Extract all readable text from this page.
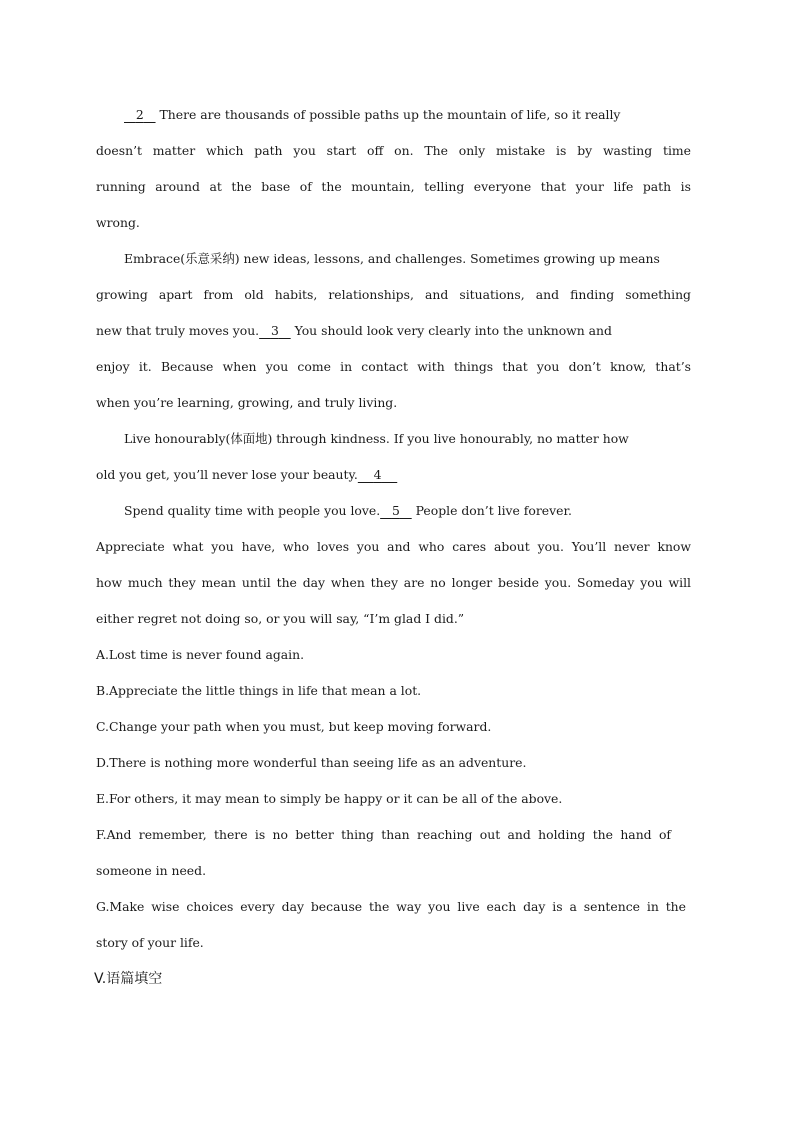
2 There are thousands of possible paths up the mountain of life, so it really
doesn’t matter which path you start off on. The only mistake is by wasting time
running around at the base of the mountain, telling everyone that your life path is
wrong.
Embrace(乐意采纳) new ideas, lessons, and challenges. Sometimes growing up means
growing apart from old habits, relationships, and situations, and finding something
new that truly moves you. 3 You should look very clearly into the unknown and
enjoy it. Because when you come in contact with things that you don’t know, that’s
when you’re learning, growing, and truly living.
Live honourably(体面地) through kindness. If you live honourably, no matter how
old you get, you’ll never lose your beauty. 4
Spend quality time with people you love. 5 People don’t live forever.
Appreciate what you have, who loves you and who cares about you. You’ll never know
how much they mean until the day when they are no longer beside you. Someday you will
either regret not doing so, or you will say, “I’m glad I did.”
A.Lost time is never found again.
B.Appreciate the little things in life that mean a lot.
C.Change your path when you must, but keep moving forward.
D.There is nothing more wonderful than seeing life as an adventure.
E.For others, it may mean to simply be happy or it can be all of the above.
F.And remember, there is no better thing than reaching out and holding the hand of
someone in need.
G.Make wise choices every day because the way you live each day is a sentence in the
story of your life.
V.语篇填空
